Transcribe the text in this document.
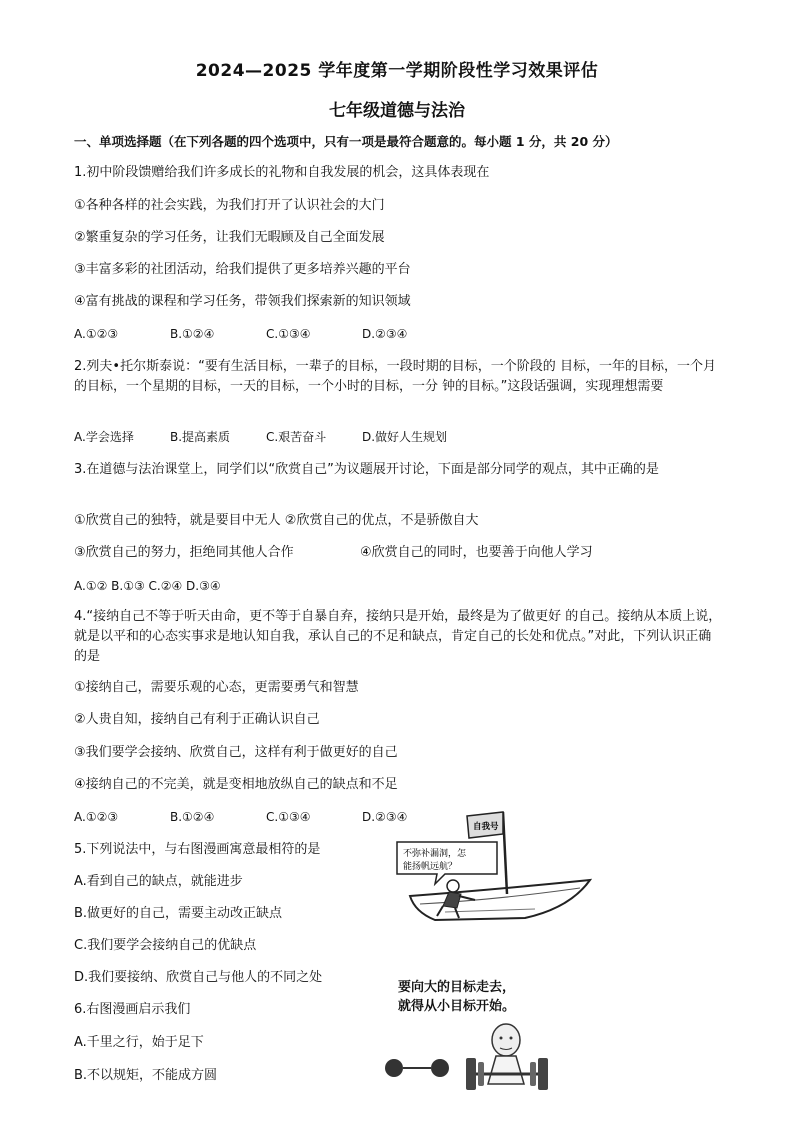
2024—2025 学年度第一学期阶段性学习效果评估
七年级道德与法治
一、单项选择题（在下列各题的四个选项中，只有一项是最符合题意的。每小题 1 分，共 20 分）
1.初中阶段馈赠给我们许多成长的礼物和自我发展的机会，这具体表现在
①各种各样的社会实践，为我们打开了认识社会的大门
②繁重复杂的学习任务，让我们无暇顾及自己全面发展
③丰富多彩的社团活动，给我们提供了更多培养兴趣的平台
④富有挑战的课程和学习任务，带领我们探索新的知识领域
A.①②③	B.①②④	C.①③④	D.②③④
2.列夫•托尔斯泰说：“要有生活目标，一辈子的目标，一段时期的目标，一个阶段的 目标，一年的目标，一个月的目标，一个星期的目标，一天的目标，一个小时的目标，一分 钟的目标。”这段话强调，实现理想需要
A.学会选择	B.提高素质	C.艰苦奋斗	D.做好人生规划
3.在道德与法治课堂上，同学们以“欣赏自己”为议题展开讨论，下面是部分同学的观点，其中正确的是
①欣赏自己的独特，就是要目中无人 ②欣赏自己的优点，不是骄傲自大
③欣赏自己的努力，拒绝同其他人合作	④欣赏自己的同时，也要善于向他人学习
A.①② B.①③ C.②④ D.③④
4.“接纳自己不等于听天由命，更不等于自暴自弃，接纳只是开始，最终是为了做更好 的自己。接纳从本质上说，就是以平和的心态实事求是地认知自我，承认自己的不足和缺点，肯定自己的长处和优点。”对此，下列认识正确的是
①接纳自己，需要乐观的心态，更需要勇气和智慧
②人贵自知，接纳自己有利于正确认识自己
③我们要学会接纳、欣赏自己，这样有利于做更好的自己
④接纳自己的不完美，就是变相地放纵自己的缺点和不足
A.①②③	B.①②④	C.①③④	D.②③④
5.下列说法中，与右图漫画寓意最相符的是
A.看到自己的缺点，就能进步
B.做更好的自己，需要主动改正缺点
C.我们要学会接纳自己的优缺点
D.我们要接纳、欣赏自己与他人的不同之处
自我号
不弥补漏洞，怎
能扬帆远航？
6.右图漫画启示我们
A.千里之行，始于足下
B.不以规矩，不能成方圆
要向大的目标走去，
就得从小目标开始。
